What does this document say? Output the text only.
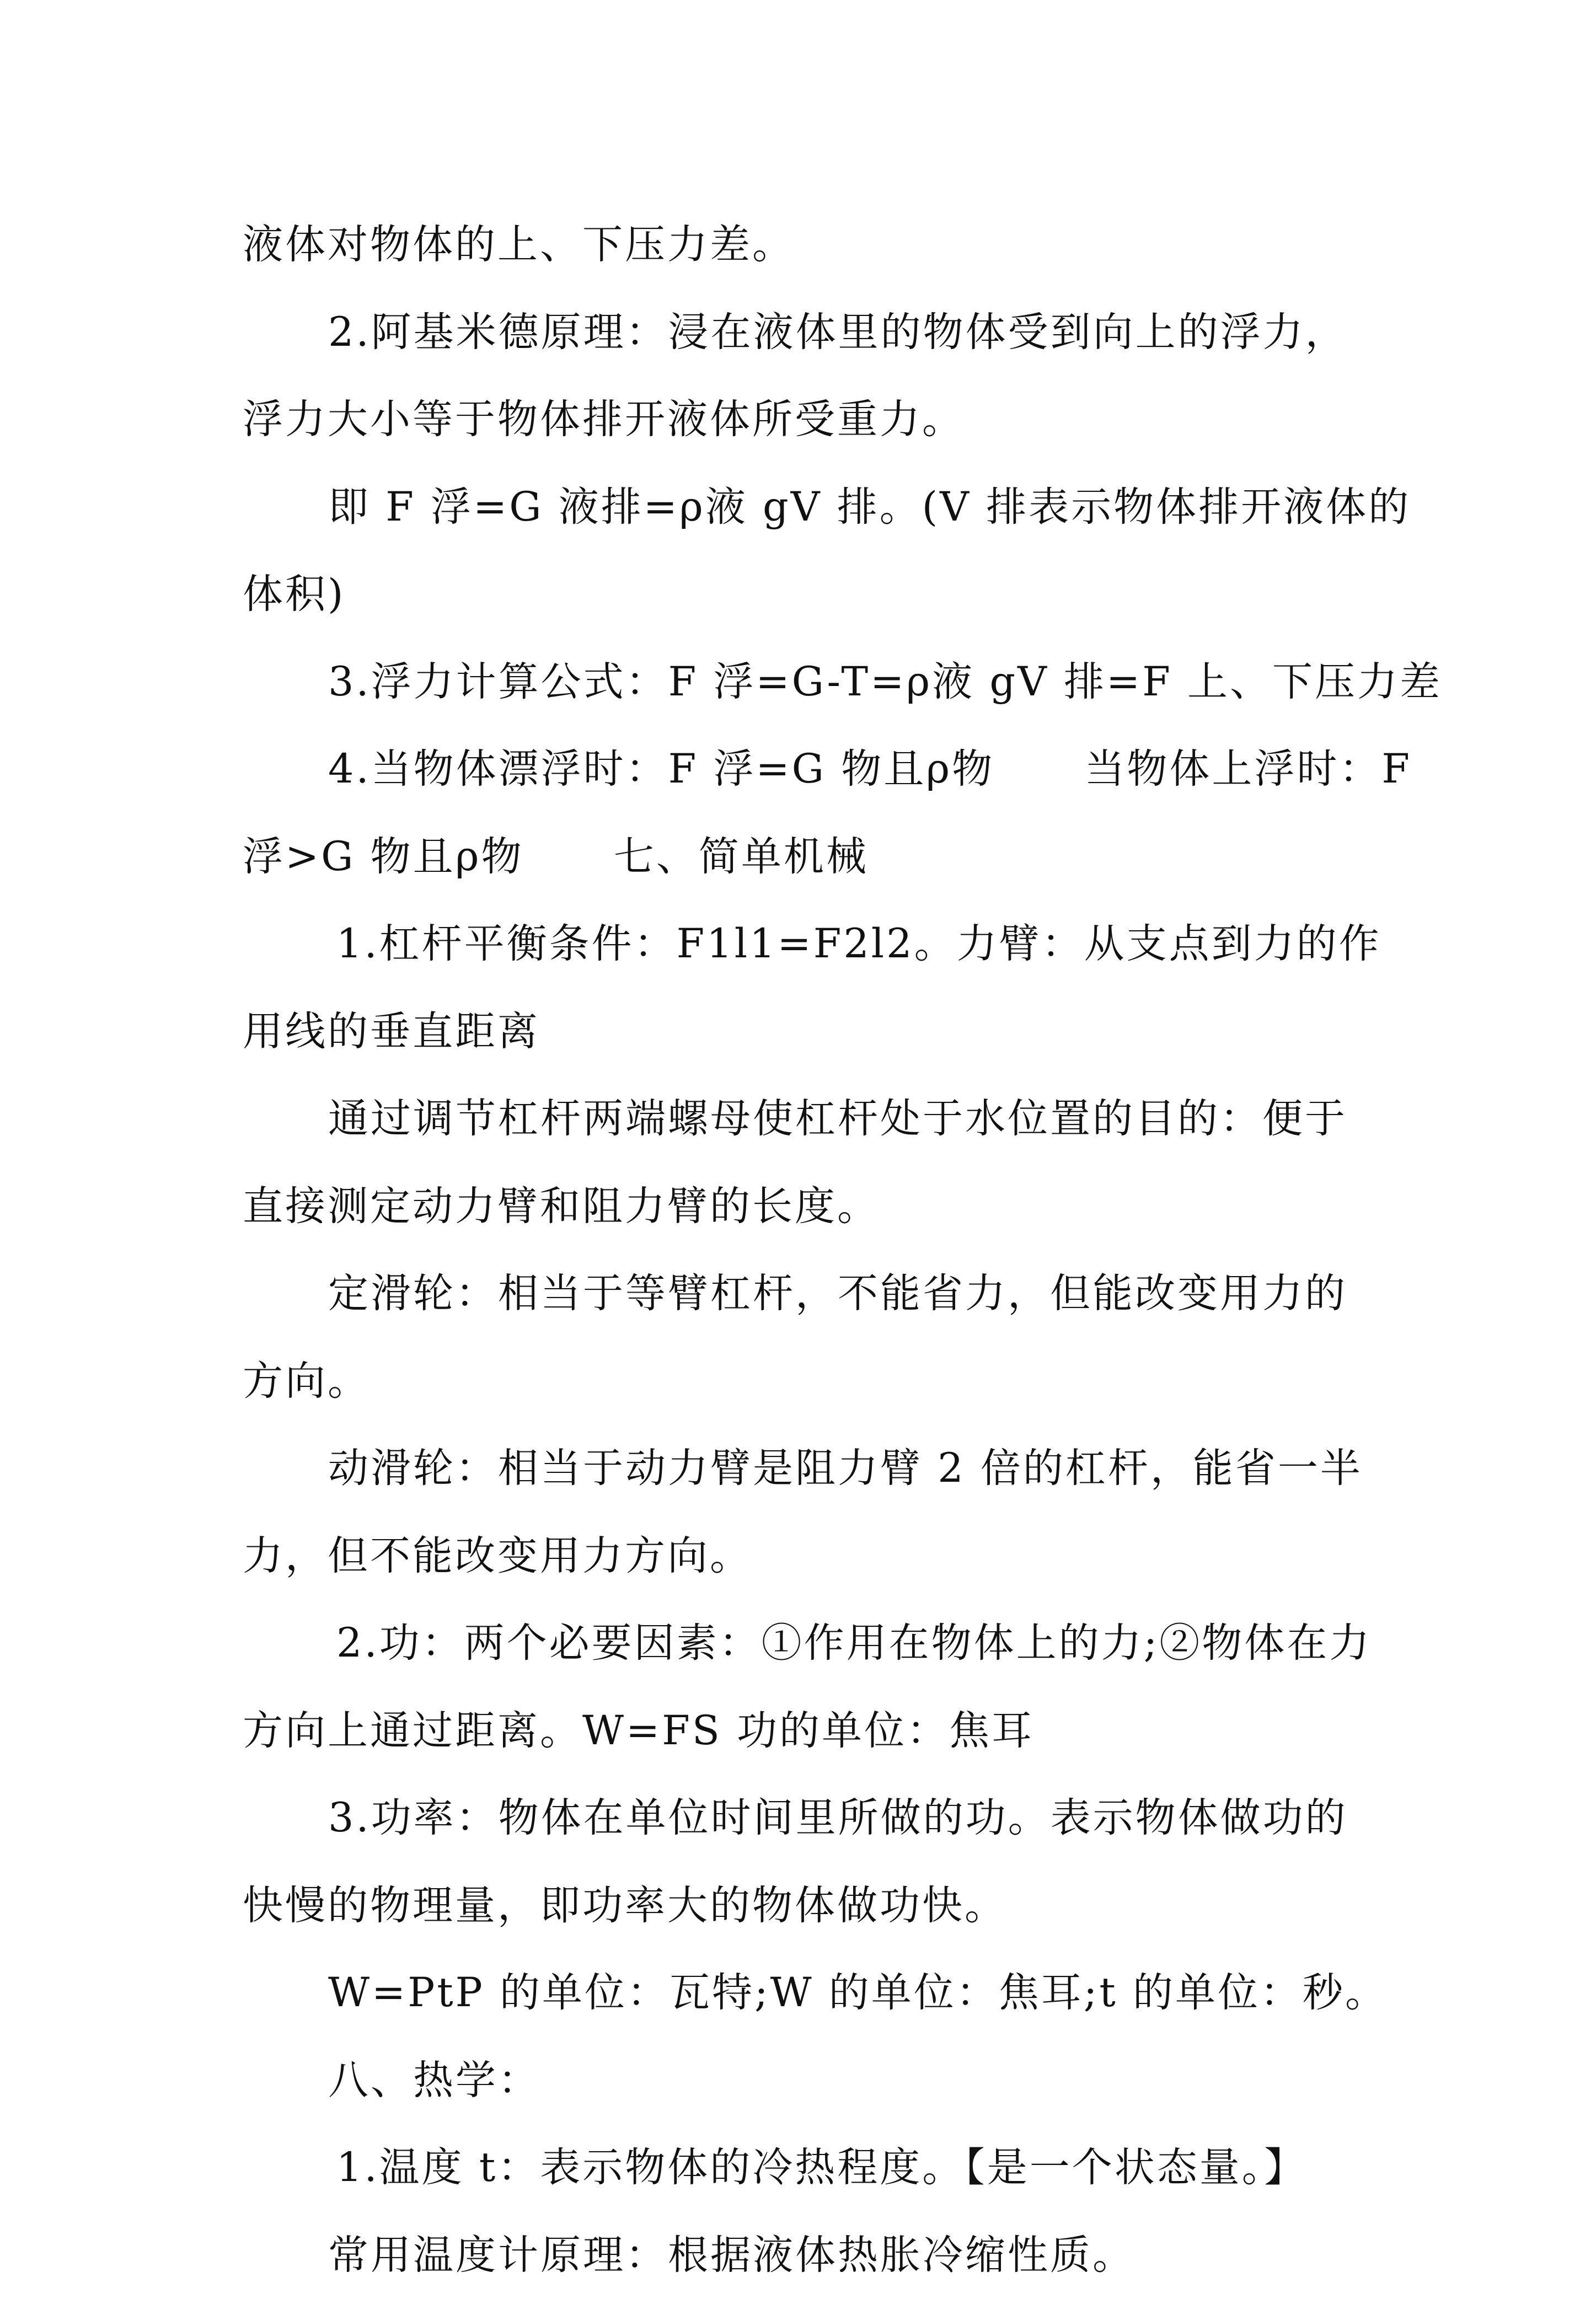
液体对物体的上、下压力差。
2.阿基米德原理：浸在液体里的物体受到向上的浮力，
浮力大小等于物体排开液体所受重力。
即 F 浮=G 液排=ρ液 gV 排。(V 排表示物体排开液体的
体积)
3.浮力计算公式：F 浮=G-T=ρ液 gV 排=F 上、下压力差
4.当物体漂浮时：F 浮=G 物且ρ物      当物体上浮时：F
浮>G 物且ρ物      七、简单机械
1.杠杆平衡条件：F1l1=F2l2。力臂：从支点到力的作
用线的垂直距离
通过调节杠杆两端螺母使杠杆处于水位置的目的：便于
直接测定动力臂和阻力臂的长度。
定滑轮：相当于等臂杠杆，不能省力，但能改变用力的
方向。
动滑轮：相当于动力臂是阻力臂 2 倍的杠杆，能省一半
力，但不能改变用力方向。
2.功：两个必要因素：①作用在物体上的力;②物体在力
方向上通过距离。W=FS 功的单位：焦耳
3.功率：物体在单位时间里所做的功。表示物体做功的
快慢的物理量，即功率大的物体做功快。
W=PtP 的单位：瓦特;W 的单位：焦耳;t 的单位：秒。
八、热学：
1.温度 t：表示物体的冷热程度。【是一个状态量。】
常用温度计原理：根据液体热胀冷缩性质。
